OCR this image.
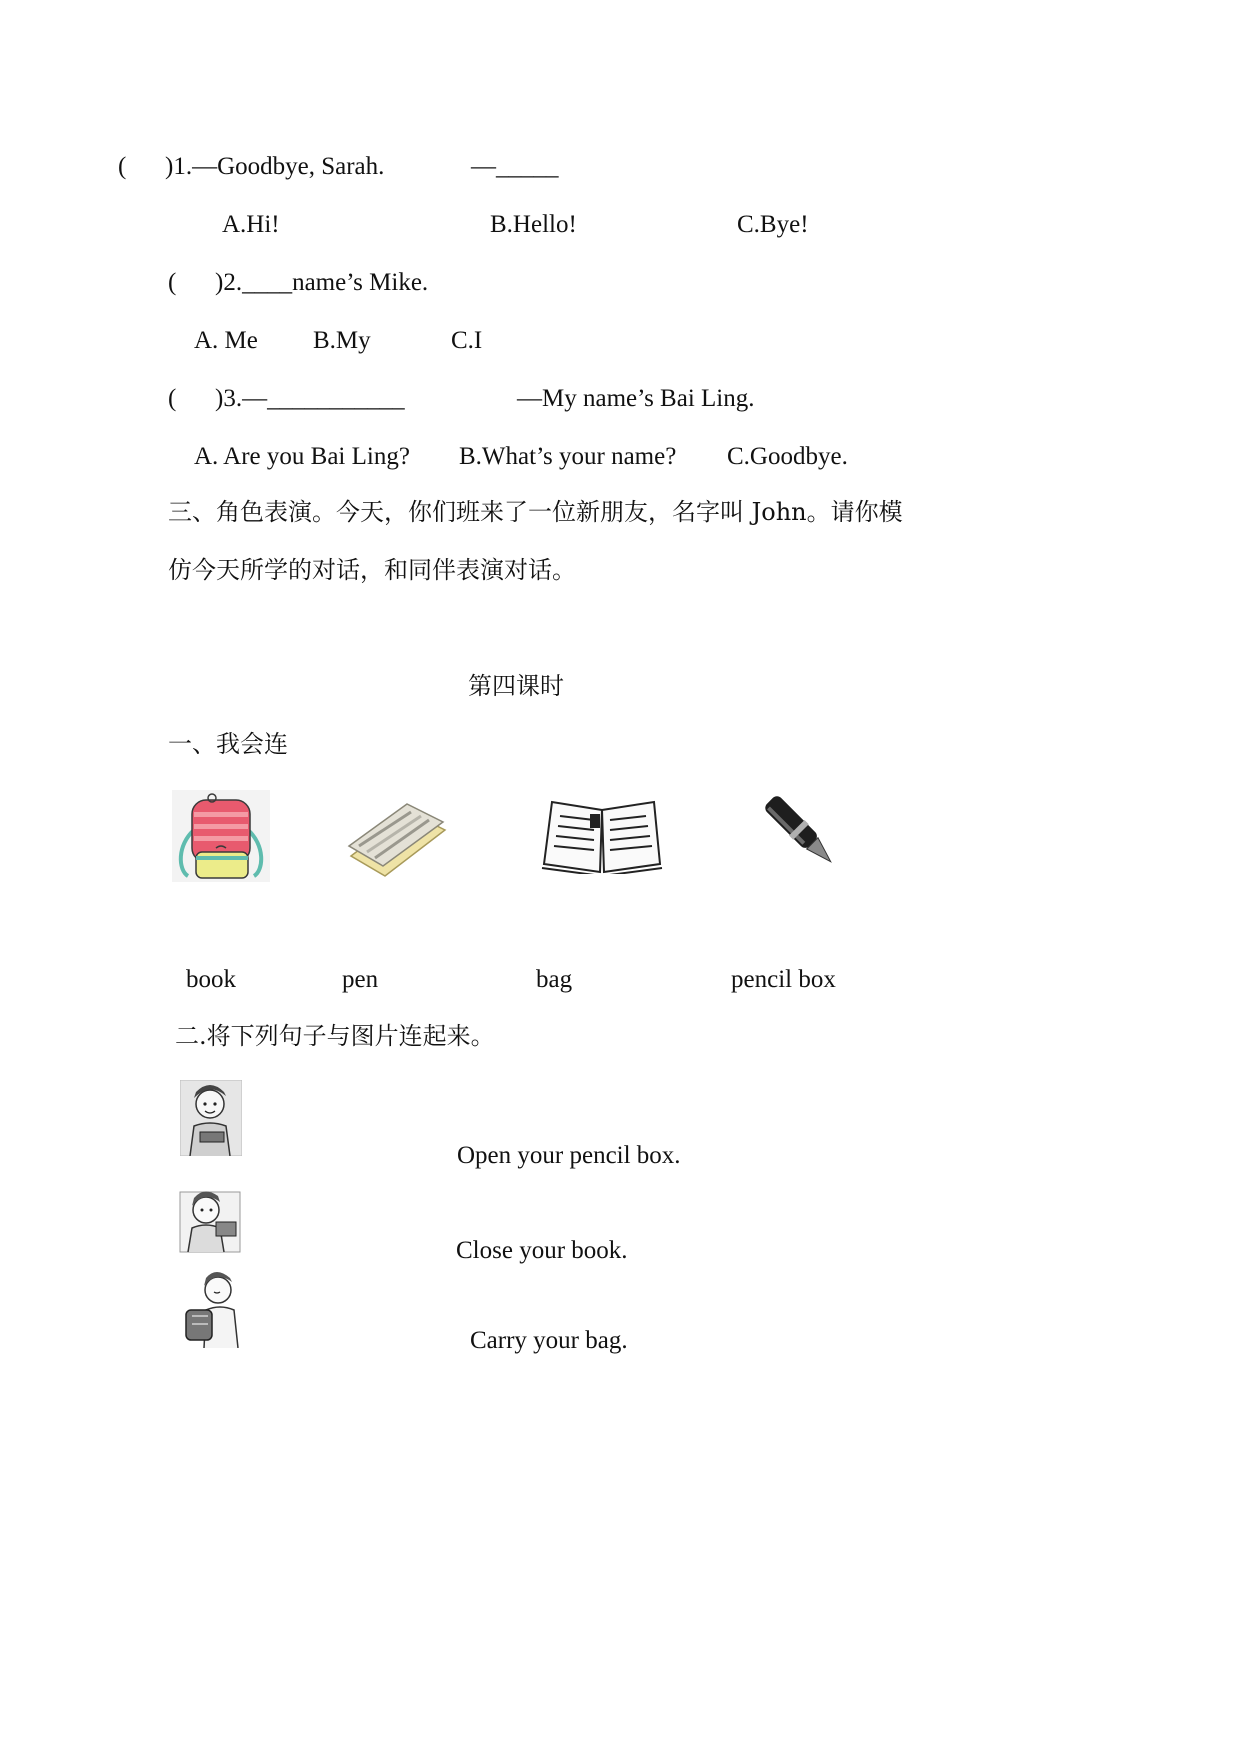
( )1.—Goodbye, Sarah.	—_____
A.Hi!	B.Hello!	C.Bye!
( )2.____name’s Mike.
A. Me B.My	C.I
( )3.—___________	—My name’s Bai Ling.
A. Are you Bai Ling? B.What’s your name? C.Goodbye.
三、角色表演。今天，你们班来了一位新朋友，名字叫 John。请你模
仿今天所学的对话，和同伴表演对话。
第四课时
一、我会连
book	pen	bag	pencil box
二.将下列句子与图片连起来。
Open your pencil box.
Close your book.
Carry your bag.
